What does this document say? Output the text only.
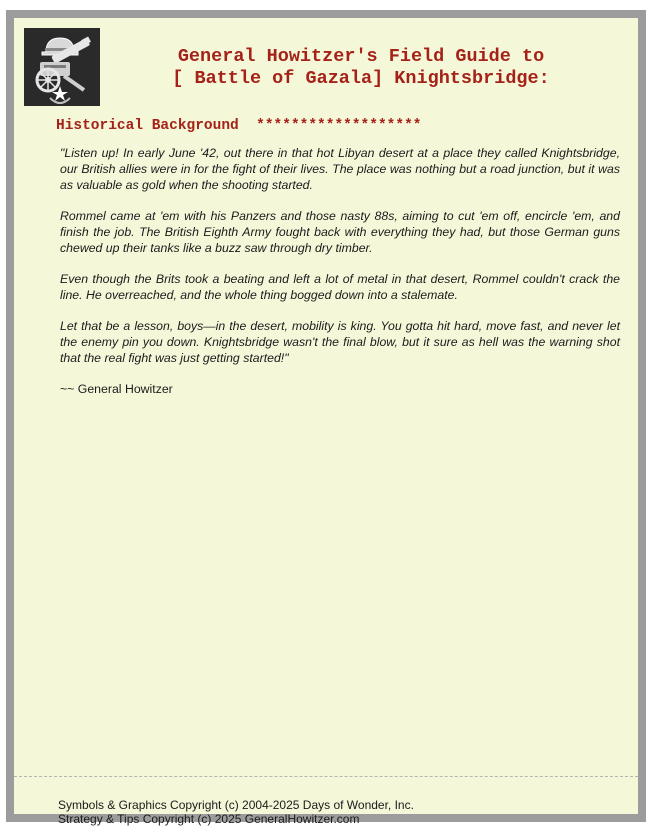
General Howitzer's Field Guide to
[ Battle of Gazala] Knightsbridge:
Historical Background *******************

"Listen up! In early June '42, out there in that hot Libyan desert at a place they called Knightsbridge, our British allies were in for the fight of their lives. The place was nothing but a road junction, but it was as valuable as gold when the shooting started.

Rommel came at 'em with his Panzers and those nasty 88s, aiming to cut 'em off, encircle 'em, and finish the job. The British Eighth Army fought back with everything they had, but those German guns chewed up their tanks like a buzz saw through dry timber.

Even though the Brits took a beating and left a lot of metal in that desert, Rommel couldn't crack the line. He overreached, and the whole thing bogged down into a stalemate.

Let that be a lesson, boys—in the desert, mobility is king. You gotta hit hard, move fast, and never let the enemy pin you down. Knightsbridge wasn't the final blow, but it sure as hell was the warning shot that the real fight was just getting started!"

~~ General Howitzer

Symbols & Graphics Copyright (c) 2004-2025 Days of Wonder, Inc.
Strategy & Tips Copyright (c) 2025 GeneralHowitzer.com
